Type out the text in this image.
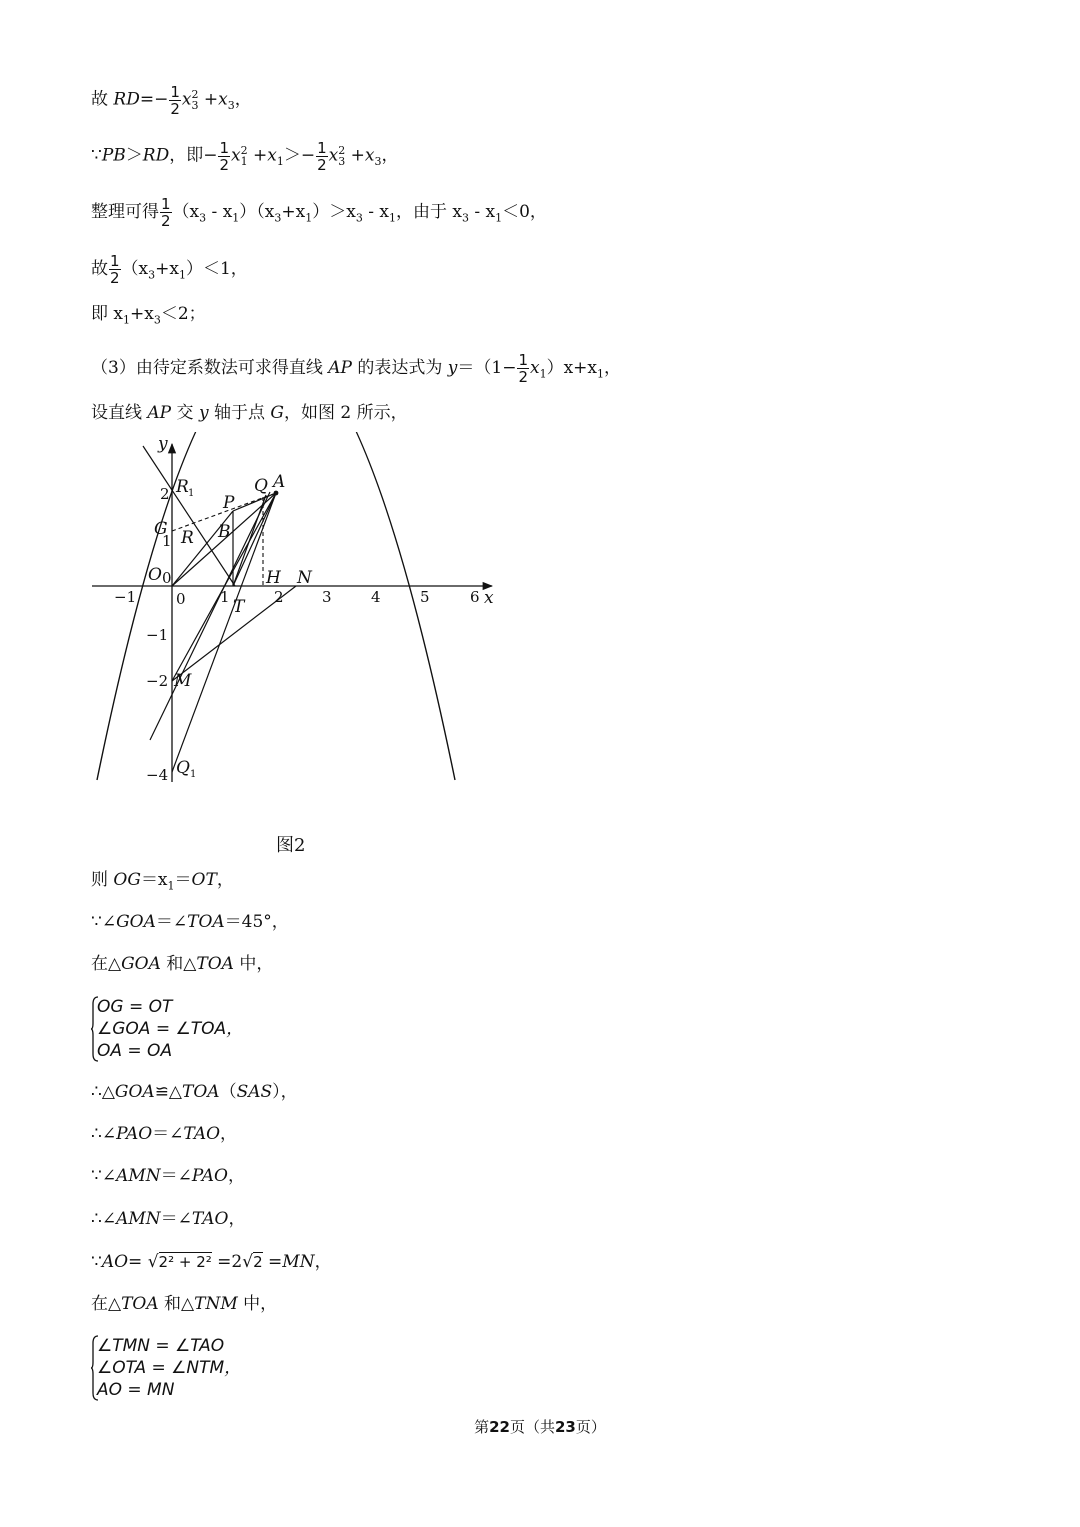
故 $RD=- \frac{1}{2} x_3^2 +x_3$，
∵PB＞RD，即− $\frac{1}{2} x_1^2 +x_1>- \frac{1}{2} x_3^2 +x_3$，
整理可得 $\frac{1}{2} (x_3 - x_1)(x_3+x_1)>x_3 - x_1$，由于 $x_3 - x_1<0$，
故 $\frac{1}{2} (x_3+x_1)<1$，
即 $x_1+x_3<2$；
（3）由待定系数法可求得直线 AP 的表达式为 $y=(1- \frac{1}{2} x_1)x+x_1$，
设直线 AP 交 y 轴于点 G，如图 2 所示，
−1	0 1	2	3	4	5	6
2
1
−1
−2
−4
0
x
y
A
Q
P
R 1
G R B
O
T
H N
M
Q 1
图2
则 $OG=x_1=OT$，
∵∠GOA＝∠TOA＝45°，
在△GOA 和△TOA 中，
OG = OT
∠GOA = ∠TOA，
OA = OA
∴△GOA≌△TOA（SAS），
∴∠PAO＝∠TAO，
∵∠AMN＝∠PAO，
∴∠AMN＝∠TAO，
∵AO= √2² + 2² =2√2 =MN，
在△TOA 和△TNM 中，
∠TMN = ∠TAO
∠OTA = ∠NTM，
AO = MN
第22页（共23页）
